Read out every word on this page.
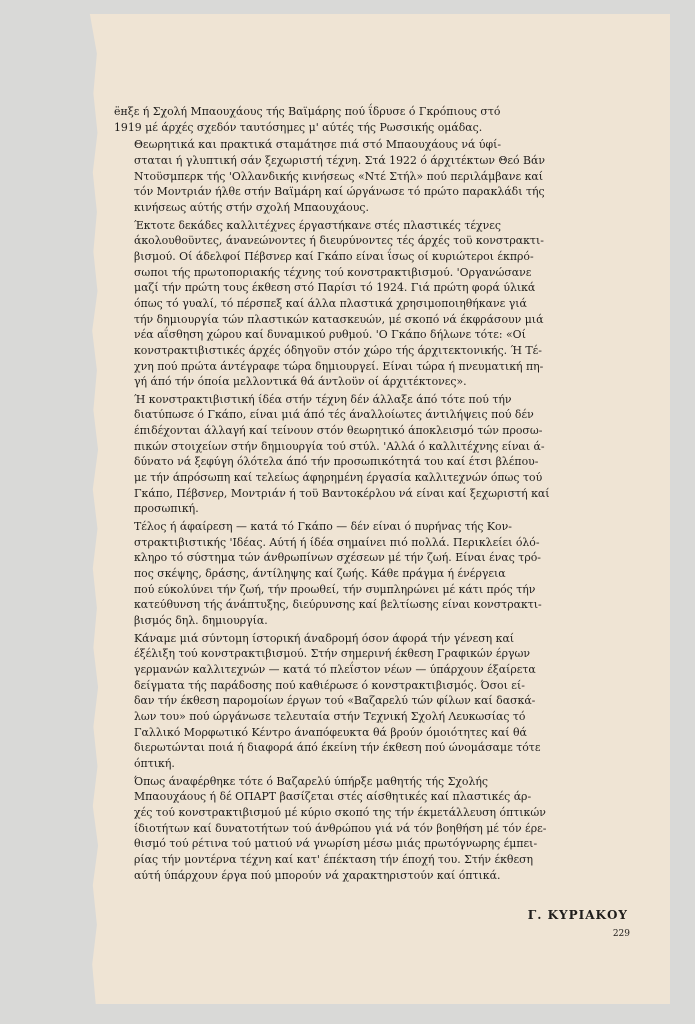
ёнξε ή Σχολή Μπαουχάους τής Βαϊμάρης πού ΐδρυσε ό Γκρόπιους στό
1919 μέ άρχές σχεδόν ταυτόσημες μ' αύτές τής Ρωσσικής ομάδας.
Θεωρητικά και πρακτικά σταμάτησε πιά στό Μπαουχάους νά ύφί-
σταται ή γλυπτική σάν ξεχωριστή τέχνη. Στά 1922 ό άρχιτέκτων Θεό Βάν
Ντοϋσμπερκ τής 'Ολλανδικής κινήσεως «Ντέ Στήλ» πού περιλάμβανε καί
τόν Μοντριάν ήλθε στήν Βαϊμάρη καί ώργάνωσε τό πρώτο παρακλάδι τής
κινήσεως αύτής στήν σχολή Μπαουχάους.
Έκτοτε δεκάδες καλλιτέχνες έργαστήκανε στές πλαστικές τέχνες
άκολουθοϋντες, άνανεώνοντες ή διευρύνοντες τές άρχές τοϋ κονστρακτι-
βισμού. Οί άδελφοί Πέβσνερ καί Γκάπο είναι ΐσως οί κυριώτεροι έκπρό-
σωποι τής πρωτοποριακής τέχνης τού κονστρακτιβισμού. 'Οργανώσανε
μαζί τήν πρώτη τους έκθεση στό Παρίσι τό 1924. Γιά πρώτη φορά ύλικά
όπως τό γυαλί, τό πέρσπεξ καί άλλα πλαστικά χρησιμοποιηθήκανε γιά
τήν δημιουργία τών πλαστικών κατασκευών, μέ σκοπό νά έκφράσουν μιά
νέα αΐσθηση χώρου καί δυναμικού ρυθμού. 'Ο Γκάπο δήλωνε τότε: «Οί
κονστρακτιβιστικές άρχές όδηγοϋν στόν χώρο τής άρχιτεκτονικής. Ή Τέ-
χνη πού πρώτα άντέγραφε τώρα δημιουργεί. Είναι τώρα ή πνευματική πη-
γή άπό τήν όποία μελλοντικά θά άντλοϋν οί άρχιτέκτονες».
Ή κονστρακτιβιστική ίδέα στήν τέχνη δέν άλλαξε άπό τότε πού τήν
διατύπωσε ό Γκάπο, είναι μιά άπό τές άναλλοίωτες άντιλήψεις πού δέν
έπιδέχονται άλλαγή καί τείνουν στόν θεωρητικό άποκλεισμό τών προσω-
πικών στοιχείων στήν δημιουργία τού στύλ. 'Αλλά ό καλλιτέχνης είναι ά-
δύνατο νά ξεφύγη όλότελα άπό τήν προσωπικότητά του καί έτσι βλέπου-
με τήν άπρόσωπη καί τελείως άφηρημένη έργασία καλλιτεχνών όπως τού
Γκάπο, Πέβσνερ, Μοντριάν ή τοϋ Βαντοκέρλου νά είναι καί ξεχωριστή καί
προσωπική.
Τέλος ή άφαίρεση — κατά τό Γκάπο — δέν είναι ό πυρήνας τής Κον-
στρακτιβιστικής 'Ιδέας. Αύτή ή ίδέα σημαίνει πιό πολλά. Περικλείει όλό-
κληρο τό σύστημα τών άνθρωπίνων σχέσεων μέ τήν ζωή. Είναι ένας τρό-
πος σκέψης, δράσης, άντίληψης καί ζωής. Κάθε πράγμα ή ένέργεια
πού εύκολύνει τήν ζωή, τήν προωθεί, τήν συμπληρώνει μέ κάτι πρός τήν
κατεύθυνση τής άνάπτυξης, διεύρυνσης καί βελτίωσης είναι κονστρακτι-
βισμός δηλ. δημιουργία.
Κάναμε μιά σύντομη ίστορική άναδρομή όσον άφορά τήν γένεση καί
έξέλιξη τού κονστρακτιβισμού. Στήν σημερινή έκθεση Γραφικών έργων
γερμανών καλλιτεχνών — κατά τό πλεΐστον νέων — ύπάρχουν έξαίρετα
δείγματα τής παράδοσης πού καθιέρωσε ό κονστρακτιβισμός. Όσοι εί-
δαν τήν έκθεση παρομοίων έργων τού «Βαζαρελύ τών φίλων καί δασκά-
λων του» πού ώργάνωσε τελευταία στήν Τεχνική Σχολή Λευκωσίας τό
Γαλλικό Μορφωτικό Κέντρο άναπόφευκτα θά βρούν όμοιότητες καί θά
διερωτώνται ποιά ή διαφορά άπό έκείνη τήν έκθεση πού ώνομάσαμε τότε
όπτική.
Όπως άναφέρθηκε τότε ό Βαζαρελύ ύπήρξε μαθητής τής Σχολής
Μπαουχάους ή δέ ΟΠΑΡΤ βασίζεται στές αίσθητικές καί πλαστικές άρ-
χές τού κονστρακτιβισμού μέ κύριο σκοπό της τήν έκμετάλλευση όπτικών
ίδιοτήτων καί δυνατοτήτων τού άνθρώπου γιά νά τόν βοηθήση μέ τόν έρε-
θισμό τού ρέτινα τού ματιού νά γνωρίση μέσω μιάς πρωτόγνωρης έμπει-
ρίας τήν μοντέρνα τέχνη καί κατ' έπέκταση τήν έποχή του. Στήν έκθεση
αύτή ύπάρχουν έργα πού μπορούν νά χαρακτηριστούν καί όπτικά.
Γ. ΚΥΡΙΑΚΟΥ
229
